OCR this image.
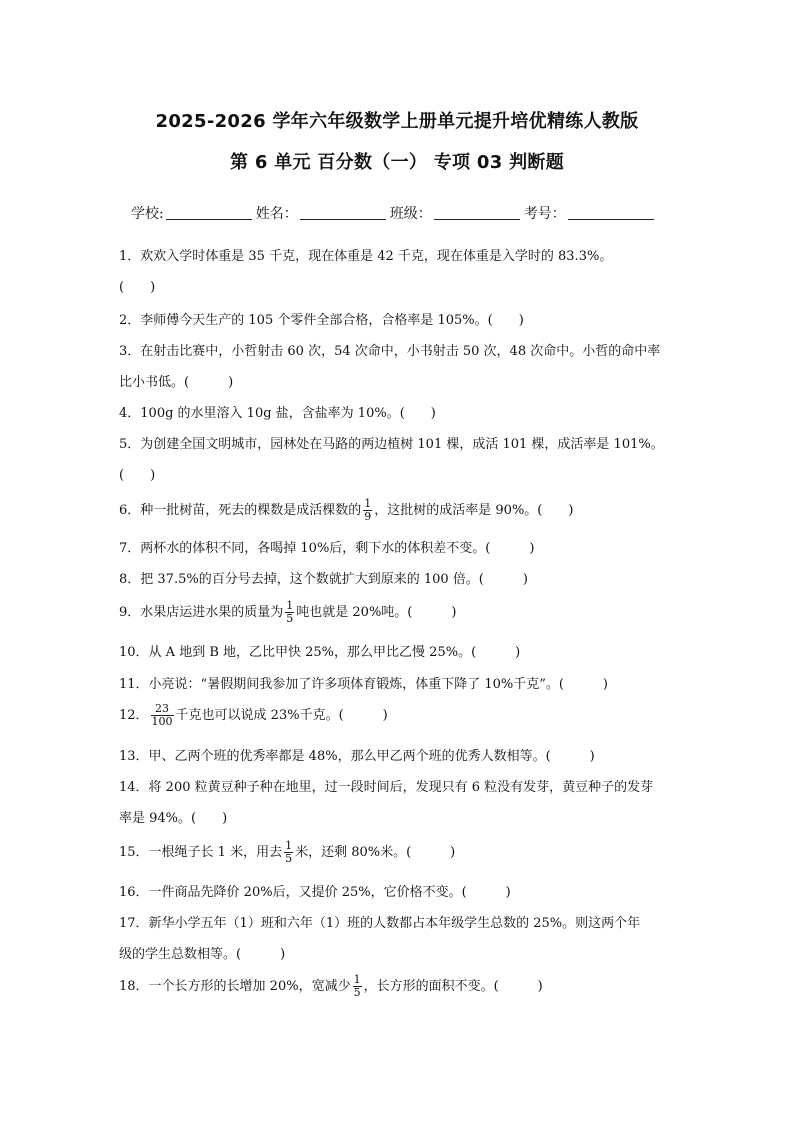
2025-2026 学年六年级数学上册单元提升培优精练人教版
第 6 单元 百分数（一） 专项 03 判断题
学校:	姓名：	班级：	考号：
1．欢欢入学时体重是 35 千克，现在体重是 42 千克，现在体重是入学时的 83.3%。
(　　)
2．李师傅今天生产的 105 个零件全部合格，合格率是 105%。(　　)
3．在射击比赛中，小哲射击 60 次，54 次命中，小书射击 50 次，48 次命中。小哲的命中率
比小书低。(　　　)
4．100g 的水里溶入 10g 盐，含盐率为 10%。(　　)
5．为创建全国文明城市，园林处在马路的两边植树 101 棵，成活 101 棵，成活率是 101%。
(　　)
6．种一批树苗，死去的棵数是成活棵数的 $\frac{1}{9}$ ，这批树的成活率是 90%。(　　)
7．两杯水的体积不同，各喝掉 10%后，剩下水的体积差不变。(　　　)
8．把 37.5%的百分号去掉，这个数就扩大到原来的 100 倍。(　　　)
9．水果店运进水果的质量为 $\frac{1}{5}$ 吨也就是 20%吨。(　　　)
10．从 A 地到 B 地，乙比甲快 25%，那么甲比乙慢 25%。(　　　)
11．小亮说：“暑假期间我参加了许多项体育锻炼，体重下降了 10%千克”。(　　　)
12． $\frac{23}{100}$ 千克也可以说成 23%千克。(　　　)
13．甲、乙两个班的优秀率都是 48%，那么甲乙两个班的优秀人数相等。(　　　)
14．将 200 粒黄豆种子种在地里，过一段时间后，发现只有 6 粒没有发芽，黄豆种子的发芽
率是 94%。(　　)
15．一根绳子长 1 米，用去 $\frac{1}{5}$ 米，还剩 80%米。(　　　)
16．一件商品先降价 20%后，又提价 25%，它价格不变。(　　　)
17．新华小学五年（1）班和六年（1）班的人数都占本年级学生总数的 25%。则这两个年
级的学生总数相等。(　　　)
18．一个长方形的长增加 20%，宽减少 $\frac{1}{5}$ ，长方形的面积不变。(　　　)
